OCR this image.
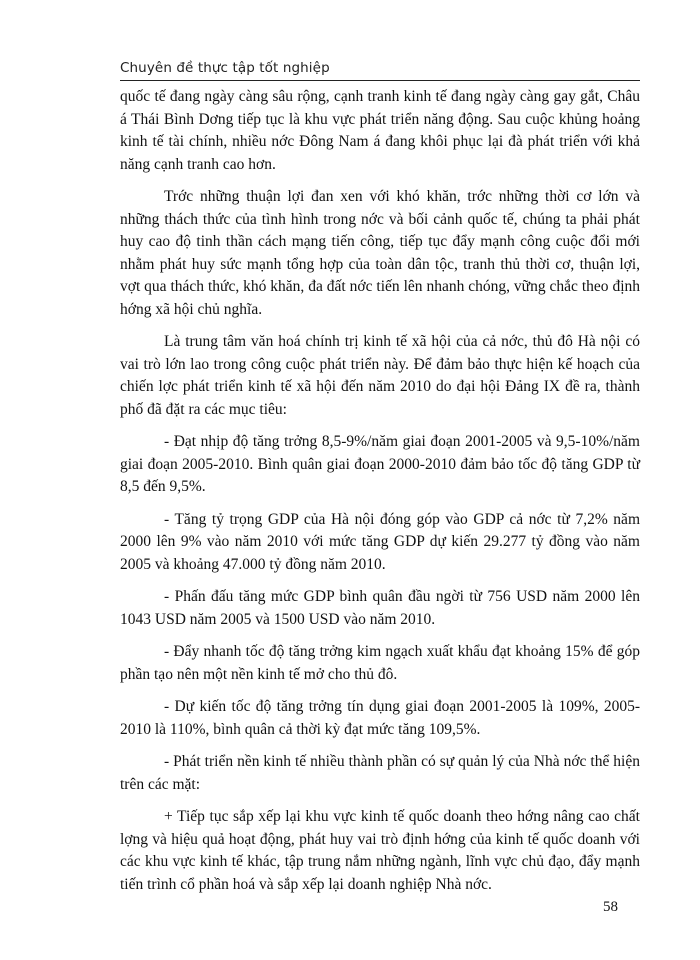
Chuyên đề thực tập tốt nghiệp

quốc tế đang ngày càng sâu rộng, cạnh tranh kinh tế đang ngày càng gay gắt, Châu á Thái Bình Dơng tiếp tục là khu vực phát triển năng động. Sau cuộc khủng hoảng kinh tế tài chính, nhiều nớc Đông Nam á đang khôi phục lại đà phát triển với khả năng cạnh tranh cao hơn.

Trớc những thuận lợi đan xen với khó khăn, trớc những thời cơ lớn và những thách thức của tình hình trong nớc và bối cảnh quốc tế, chúng ta phải phát huy cao độ tinh thần cách mạng tiến công, tiếp tục đẩy mạnh công cuộc đổi mới nhằm phát huy sức mạnh tổng hợp của toàn dân tộc, tranh thủ thời cơ, thuận lợi, vợt qua thách thức, khó khăn, đa đất nớc tiến lên nhanh chóng, vững chắc theo định hớng xã hội chủ nghĩa.

Là trung tâm văn hoá chính trị kinh tế xã hội của cả nớc, thủ đô Hà nội có vai trò lớn lao trong công cuộc phát triển này. Để đảm bảo thực hiện kế hoạch của chiến lợc phát triển kinh tế xã hội đến năm 2010 do đại hội Đảng IX đề ra, thành phố đã đặt ra các mục tiêu:

- Đạt nhịp độ tăng trởng 8,5-9%/năm giai đoạn 2001-2005 và 9,5-10%/năm giai đoạn 2005-2010. Bình quân giai đoạn 2000-2010 đảm bảo tốc độ tăng GDP từ 8,5 đến 9,5%.

- Tăng tỷ trọng GDP của Hà nội đóng góp vào GDP cả nớc từ 7,2% năm 2000 lên 9% vào năm 2010 với mức tăng GDP dự kiến 29.277 tỷ đồng vào năm 2005 và khoảng 47.000 tỷ đồng năm 2010.

- Phấn đấu tăng mức GDP bình quân đầu ngời từ 756 USD năm 2000 lên 1043 USD năm 2005 và 1500 USD vào năm 2010.

- Đẩy nhanh tốc độ tăng trởng kim ngạch xuất khẩu đạt khoảng 15% để góp phần tạo nên một nền kinh tế mở cho thủ đô.

- Dự kiến tốc độ tăng trởng tín dụng giai đoạn 2001-2005 là 109%, 2005-2010 là 110%, bình quân cả thời kỳ đạt mức tăng 109,5%.

- Phát triển nền kinh tế nhiều thành phần có sự quản lý của Nhà nớc thể hiện trên các mặt:

+ Tiếp tục sắp xếp lại khu vực kinh tế quốc doanh theo hớng nâng cao chất lợng và hiệu quả hoạt động, phát huy vai trò định hớng của kinh tế quốc doanh với các khu vực kinh tế khác, tập trung nắm những ngành, lĩnh vực chủ đạo, đẩy mạnh tiến trình cổ phần hoá và sắp xếp lại doanh nghiệp Nhà nớc.

58
